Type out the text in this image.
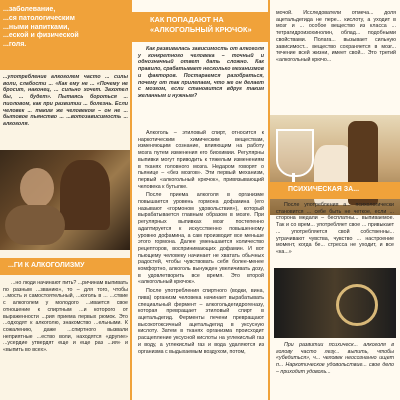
...заболевание,
...ся патологическим
...ными напитками,
...еской и физической
...голя.

...употребление алкоголем часто ... силы воли, слабости ... «Как ему не ... «Почему не бросит, наконец, ... сильно хочет. Захотел бы, ... будет». Пытаясь бороться ... пиоловом, как при развитии ... болезнь. Если человек ... таким же человеком – он не ... бытовое пьянство ... ...вотозависимость ... алкоголя.

...ГИ К АЛКОГОЛИЗМУ

...но люди начинают пить? ...ричинам выпивать по разным ...званию», то – для того, чтобы ...мость и самостоятельный, ...коголь в ... ...ствие с алкоголем у молодого ...ивается свое отношение к спиртным ...и которого от выраженности ...рия приема первых рюмок. Это ...одходят к алкоголю, знакомство ...ельными. К сожалению, даже ...спиртного вызвали неприятные ...ество воли, находятся «другие» ...усердие утвердят еще и еще раз ...ия» и «выпить во всех».

КАК ПОПАДАЮТ НА «АЛКОГОЛЬНЫЙ КРЮЧОК»

Как развивалась зависимость от алкоголя у конкретного человека – точный и однозначный ответ дать сложно. Как правило, срабатывает несколько механизмов и факторов. Постараемся разобраться, почему от так прилепаем, что же он делает с мозгом, если становится вдруг таким желанным и нужным?

Алкоголь – этиловый спирт, относится к наркотическим химическим веществам, изменяющим сознание, влияющим на работу мозга путем изменения его биохимии. Регулярны выпивки могут приводить к тяжелым изменениям в тканях головного мозга. Недаром говорят о пьянице – «без мозгов». Эти первый механизм, первый «алкогольный крючок», привязывающий человека к бутылке.

После приема алкоголя в организме повышается уровень гормона дофамина (его называют «гормоном удовольствия»), который вырабатывается главным образом в мозге. При регулярных выпивках мозг постепенно адаптируется к искусственно повышенному уровню дофамина, а сам производит все меньше этого гормона. Далее уменьшается количество рецепторов, воспринимающих дофамин. И вот пьющему человеку начинает не хватать обычных радостей, чтобы чувствовать себя более-менее комфортно, алкоголь вынужден увеличивать дозу, в удовлетворить все время. Это второй «алкогольный крючок».

После употребления спиртного (водки, вина, пива) организм человека начинает вырабатывать специальный фермент – алкогольдегидрогеназу, которая превращает этиловый спирт в ацетальдегид. Ферменты печени превращают высокотоксичный ацетальдегид в уксусную кислоту. Затем в тканях организма происходит расщепление уксусной кислоты на углекислый газ и воду, а углекислый газ и вода удаляются из организма с выдыхаемым воздухом, потом,

мочой. Исследователи отмеча... доля ацетальдегида не пере... кислоту, а уходит в мозг и ... особое вещество из класса ... тетрагидроизохинолин, облад... подобными свойствами. Полага... вызывает сильную зависимост... вещество сохраняется в мозг... течение всей жизни, имеет свой... Это третий «алкогольный крючо...

ПСИХИЧЕСКАЯ ЗА...

После употребления а... психологически становится ... себе быть не четкое, если ... сторона медали – бесплатны... выпиваемое. Так и со врем... употребляет свое ... привыкает ... употребляется свой собственны... утрачивают чувства, чувство ... настроение момент, когда бе... стресса не уходит, и все «ка...»

При развитии психическ... алкоголя в голову часто лезу... выпить, чтобы «убедиться», ч... человек неосознанно ищет п... Наркотическое удовольствие... свое дело – приходит удоволь...
